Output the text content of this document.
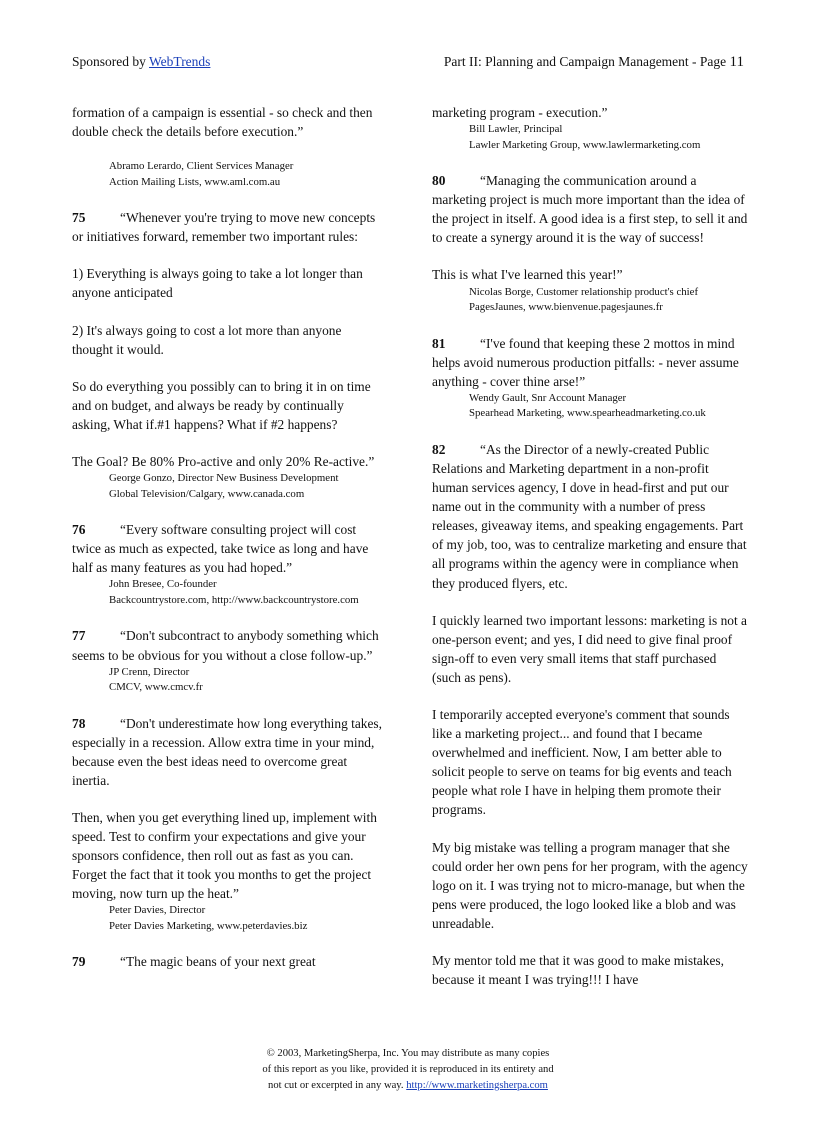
Sponsored by WebTrends	Part II: Planning and Campaign Management - Page 11

formation of a campaign is essential - so check and then double check the details before execution.”

Abramo Lerardo, Client Services Manager
Action Mailing Lists, www.aml.com.au

75	“Whenever you're trying to move new concepts or initiatives forward, remember two important rules:

1) Everything is always going to take a lot longer than anyone anticipated

2) It's always going to cost a lot more than anyone thought it would.

So do everything you possibly can to bring it in on time and on budget, and always be ready by continually asking, What if.#1 happens? What if #2 happens?

The Goal? Be 80% Pro-active and only 20% Re-active.”

George Gonzo, Director New Business Development
Global Television/Calgary, www.canada.com

76	“Every software consulting project will cost twice as much as expected, take twice as long and have half as many features as you had hoped.”

John Bresee, Co-founder
Backcountrystore.com, http://www.backcountrystore.com

77	“Don't subcontract to anybody something which seems to be obvious for you without a close follow-up.”

JP Crenn, Director
CMCV, www.cmcv.fr

78	“Don't underestimate how long everything takes, especially in a recession. Allow extra time in your mind, because even the best ideas need to overcome great inertia.

Then, when you get everything lined up, implement with speed. Test to confirm your expectations and give your sponsors confidence, then roll out as fast as you can. Forget the fact that it took you months to get the project moving, now turn up the heat.”

Peter Davies, Director
Peter Davies Marketing, www.peterdavies.biz

79	“The magic beans of your next great

marketing program - execution.”

Bill Lawler, Principal
Lawler Marketing Group, www.lawlermarketing.com

80	“Managing the communication around a marketing project is much more important than the idea of the project in itself. A good idea is a first step, to sell it and to create a synergy around it is the way of success!

This is what I've learned this year!”

Nicolas Borge, Customer relationship product's chief
PagesJaunes, www.bienvenue.pagesjaunes.fr

81	“I've found that keeping these 2 mottos in mind helps avoid numerous production pitfalls: - never assume anything - cover thine arse!”

Wendy Gault, Snr Account Manager
Spearhead Marketing, www.spearheadmarketing.co.uk

82	“As the Director of a newly-created Public Relations and Marketing department in a non-profit human services agency, I dove in head-first and put our name out in the community with a number of press releases, giveaway items, and speaking engagements. Part of my job, too, was to centralize marketing and ensure that all programs within the agency were in compliance when they produced flyers, etc.

I quickly learned two important lessons: marketing is not a one-person event; and yes, I did need to give final proof sign-off to even very small items that staff purchased (such as pens).

I temporarily accepted everyone's comment that sounds like a marketing project... and found that I became overwhelmed and inefficient. Now, I am better able to solicit people to serve on teams for big events and teach people what role I have in helping them promote their programs.

My big mistake was telling a program manager that she could order her own pens for her program, with the agency logo on it. I was trying not to micro-manage, but when the pens were produced, the logo looked like a blob and was unreadable.

My mentor told me that it was good to make mistakes, because it meant I was trying!!! I have

© 2003, MarketingSherpa, Inc. You may distribute as many copies
of this report as you like, provided it is reproduced in its entirety and
not cut or excerpted in any way. http://www.marketingsherpa.com
